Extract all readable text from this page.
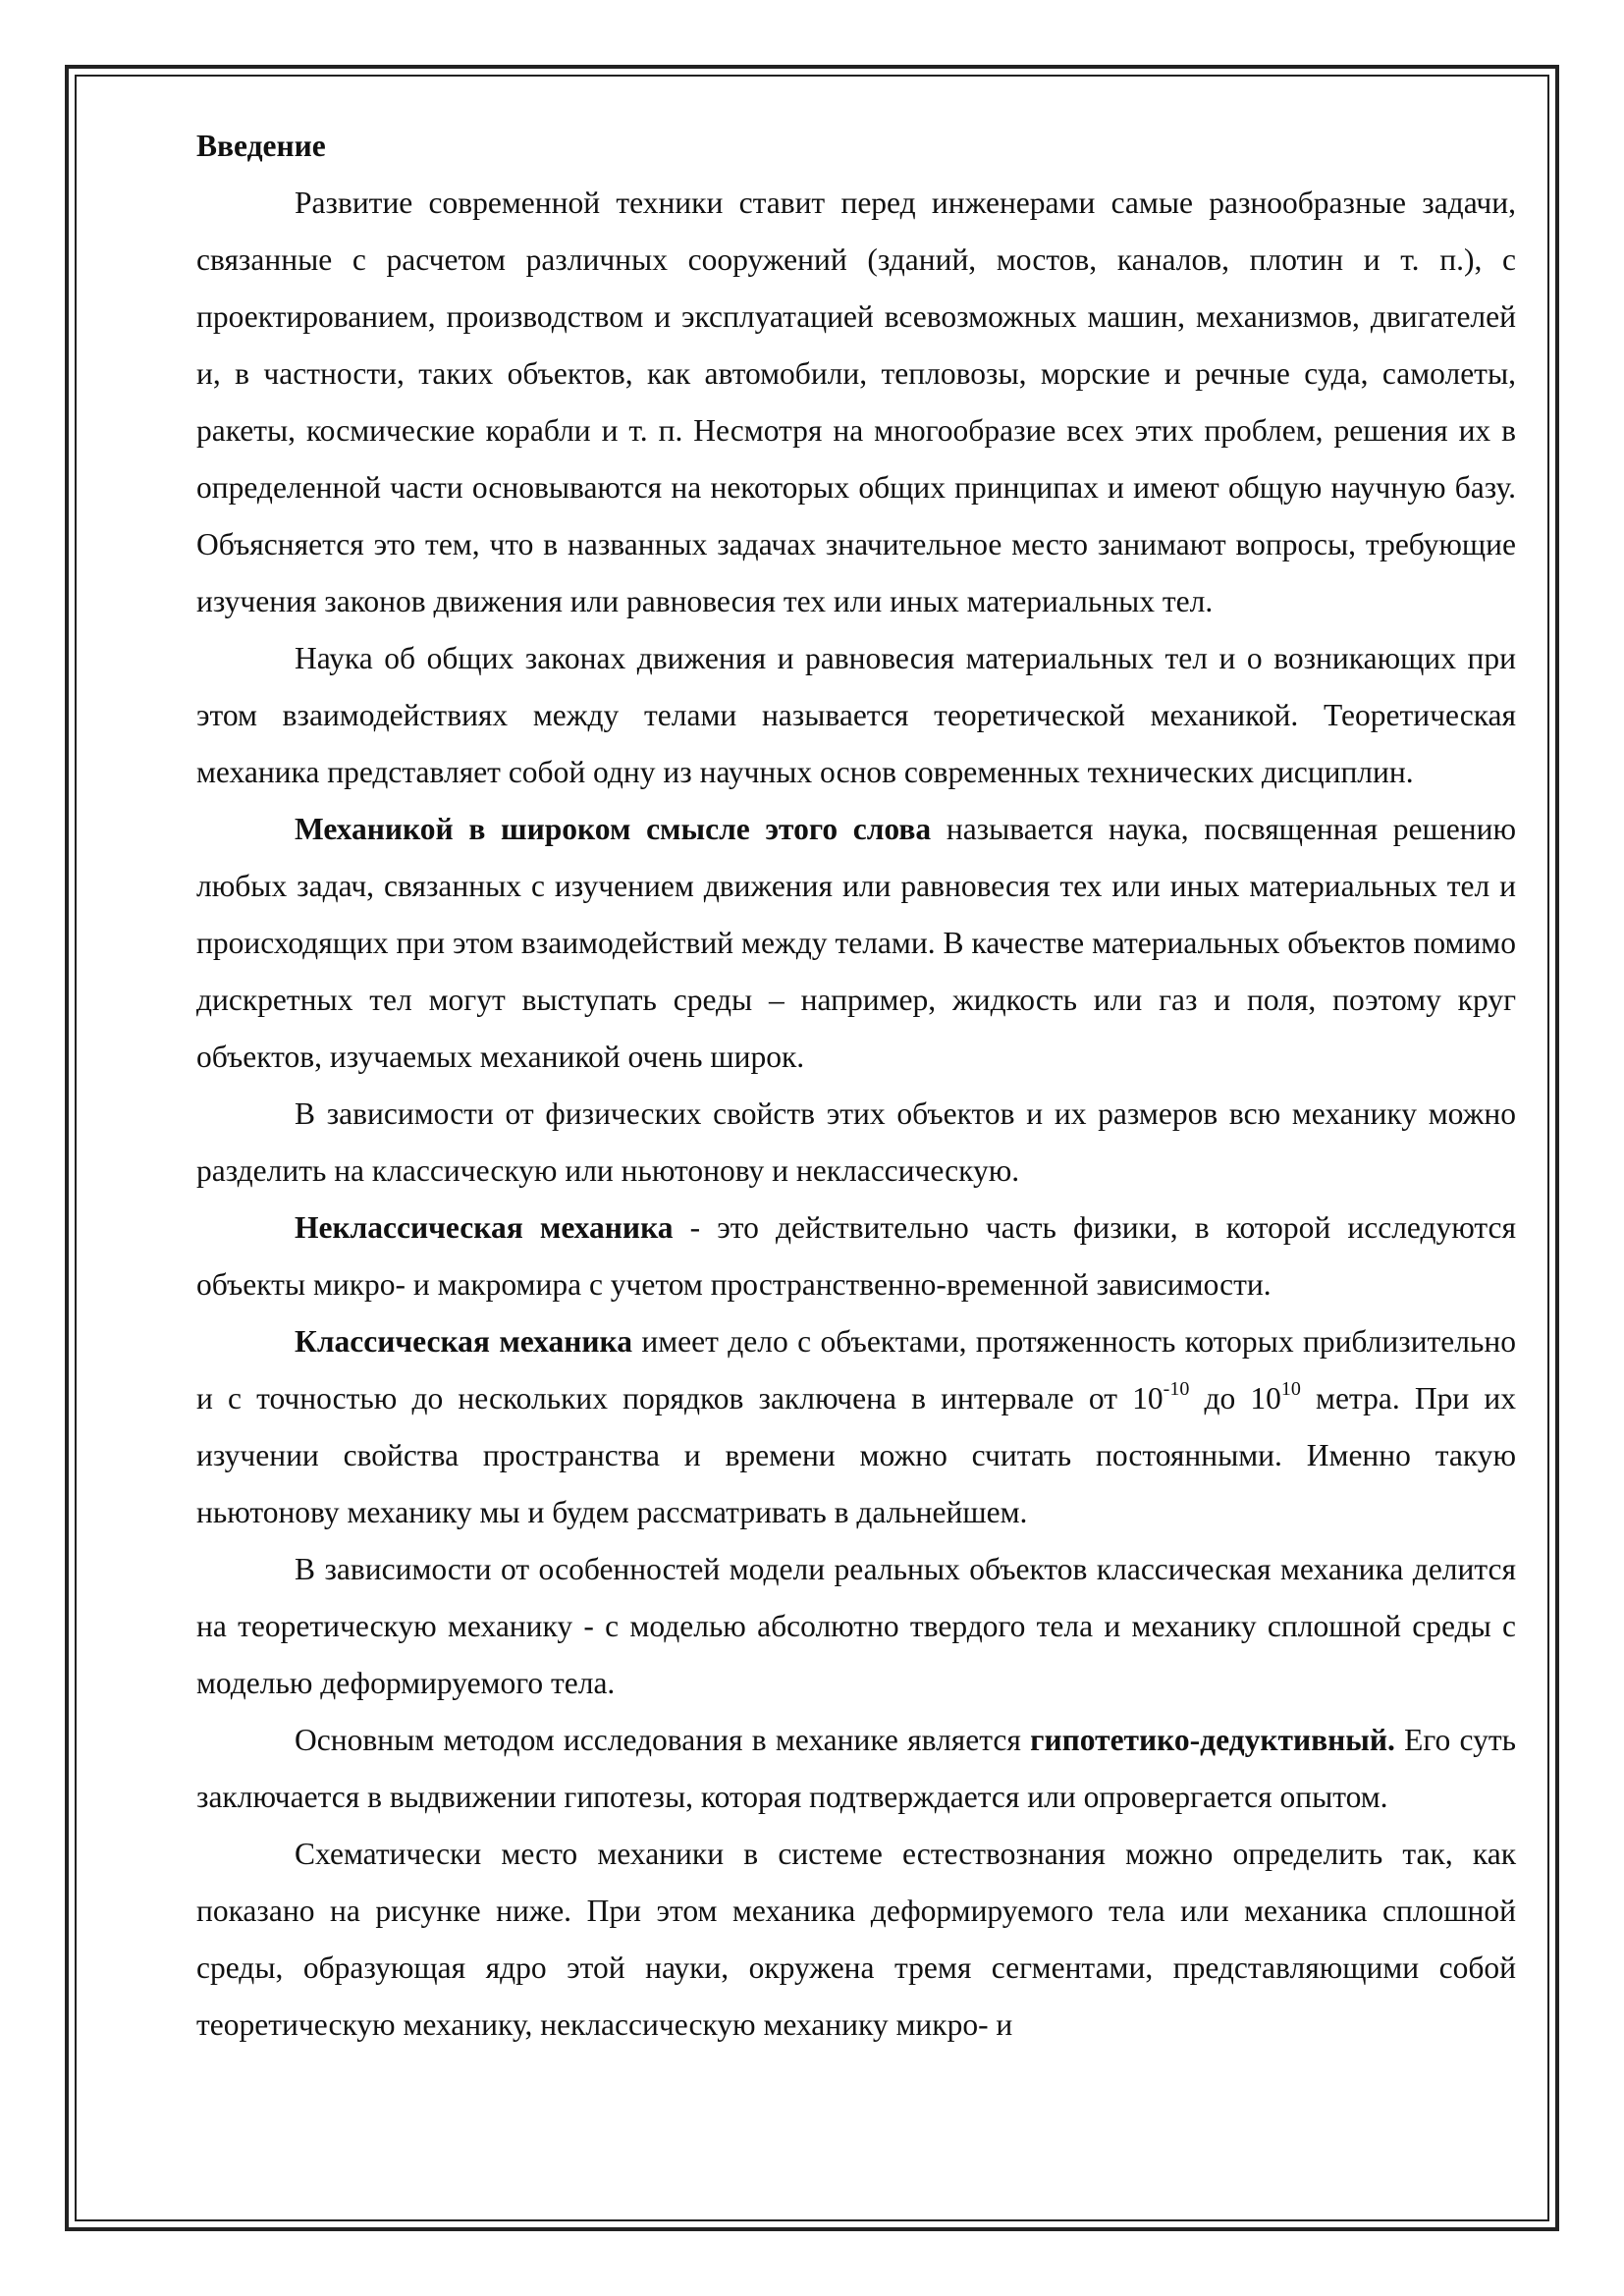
Введение

Развитие современной техники ставит перед инженерами самые разнообразные задачи, связанные с расчетом различных сооружений (зданий, мостов, каналов, плотин и т. п.), с проектированием, производством и эксплуатацией всевозможных машин, механизмов, двигателей и, в частности, таких объектов, как автомобили, тепловозы, морские и речные суда, самолеты, ракеты, космические корабли и т. п. Несмотря на многообразие всех этих проблем, решения их в определенной части основываются на некоторых общих принципах и имеют общую научную базу. Объясняется это тем, что в названных задачах значительное место занимают вопросы, требующие изучения законов движения или равновесия тех или иных материальных тел.

Наука об общих законах движения и равновесия материальных тел и о возникающих при этом взаимодействиях между телами называется теоретической механикой. Теоретическая механика представляет собой одну из научных основ современных технических дисциплин.

Механикой в широком смысле этого слова называется наука, посвященная решению любых задач, связанных с изучением движения или равновесия тех или иных материальных тел и происходящих при этом взаимодействий между телами. В качестве материальных объектов помимо дискретных тел могут выступать среды – например, жидкость или газ и поля, поэтому круг объектов, изучаемых механикой очень широк.

В зависимости от физических свойств этих объектов и их размеров всю механику можно разделить на классическую или ньютонову и неклассическую.

Неклассическая механика - это действительно часть физики, в которой исследуются объекты микро- и макромира с учетом пространственно-временной зависимости.

Классическая механика имеет дело с объектами, протяженность которых приблизительно и с точностью до нескольких порядков заключена в интервале от $10^{-10}$ до $10^{10}$ метра. При их изучении свойства пространства и времени можно считать постоянными. Именно такую ньютонову механику мы и будем рассматривать в дальнейшем.

В зависимости от особенностей модели реальных объектов классическая механика делится на теоретическую механику - с моделью абсолютно твердого тела и механику сплошной среды с моделью деформируемого тела.

Основным методом исследования в механике является гипотетико-дедуктивный. Его суть заключается в выдвижении гипотезы, которая подтверждается или опровергается опытом.

Схематически место механики в системе естествознания можно определить так, как показано на рисунке ниже. При этом механика деформируемого тела или механика сплошной среды, образующая ядро этой науки, окружена тремя сегментами, представляющими собой теоретическую механику, неклассическую механику микро- и
